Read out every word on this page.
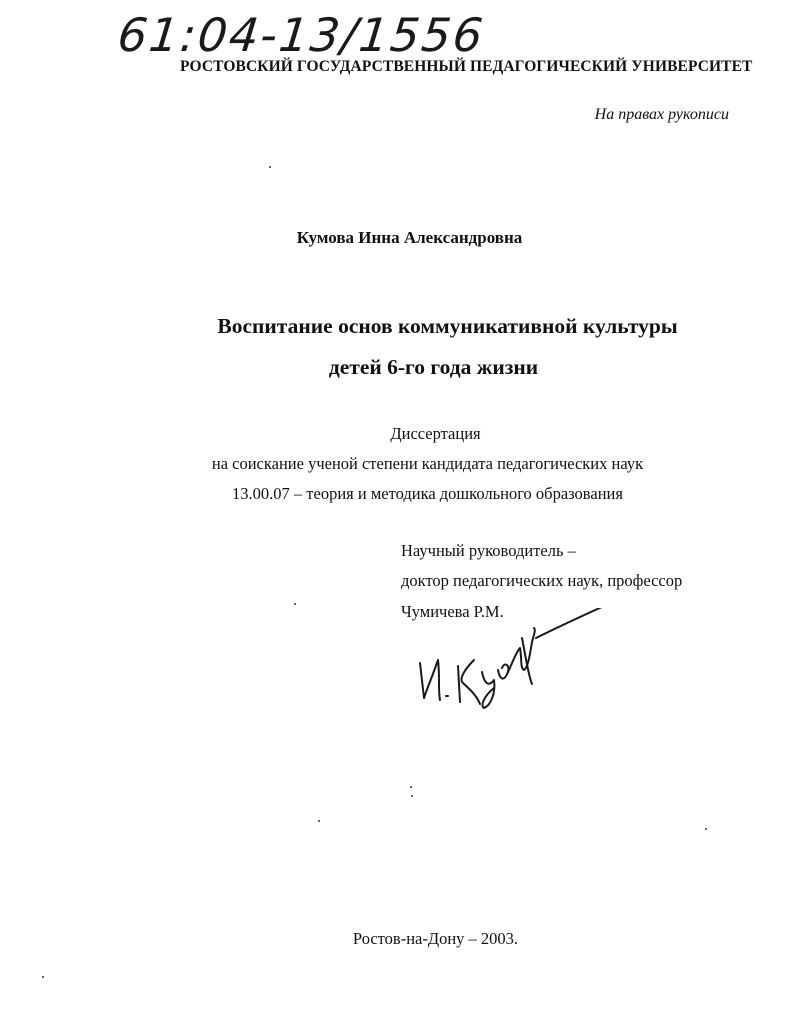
61:04-13/1556
РОСТОВСКИЙ ГОСУДАРСТВЕННЫЙ ПЕДАГОГИЧЕСКИЙ УНИВЕРСИТЕТ
На правах рукописи
Кумова Инна Александровна
Воспитание основ коммуникативной культуры
детей 6-го года жизни
Диссертация
на соискание ученой степени кандидата педагогических наук
13.00.07 – теория и методика дошкольного образования
Научный руководитель –
доктор педагогических наук, профессор
Чумичева Р.М.
Ростов-на-Дону – 2003.
